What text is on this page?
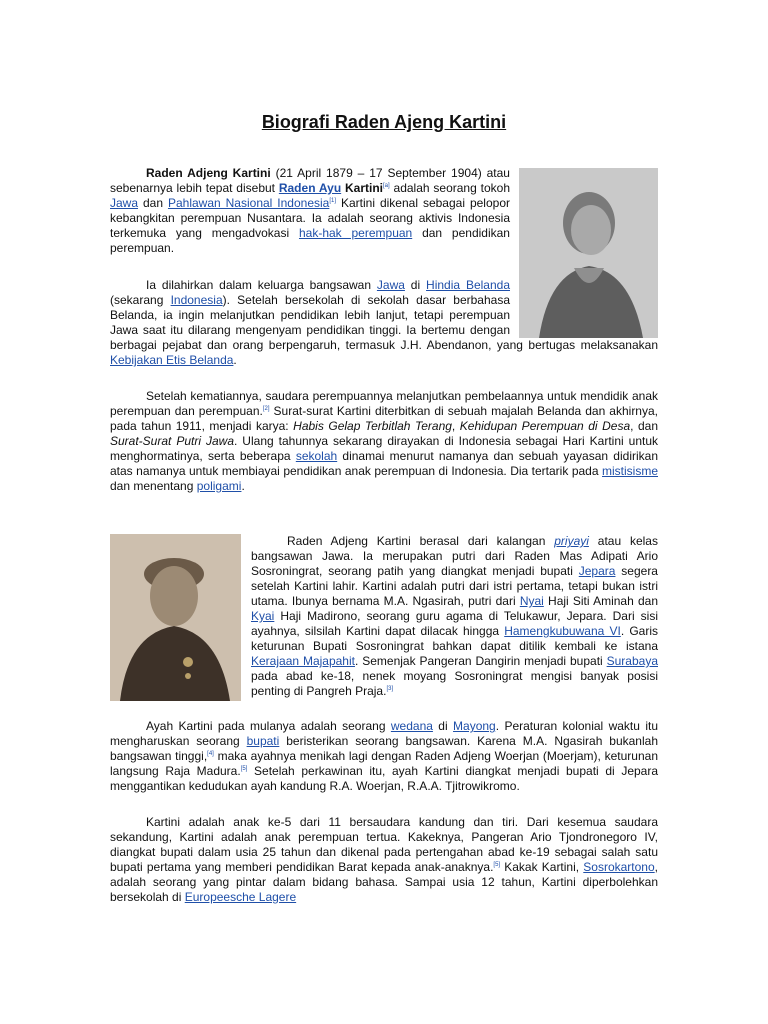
Biografi Raden Ajeng Kartini

Raden Adjeng Kartini (21 April 1879 – 17 September 1904) atau sebenarnya lebih tepat disebut Raden Ayu Kartini[a] adalah seorang tokoh Jawa dan Pahlawan Nasional Indonesia[1] Kartini dikenal sebagai pelopor kebangkitan perempuan Nusantara. Ia adalah seorang aktivis Indonesia terkemuka yang mengadvokasi hak-hak perempuan dan pendidikan perempuan.

Ia dilahirkan dalam keluarga bangsawan Jawa di Hindia Belanda (sekarang Indonesia). Setelah bersekolah di sekolah dasar berbahasa Belanda, ia ingin melanjutkan pendidikan lebih lanjut, tetapi perempuan Jawa saat itu dilarang mengenyam pendidikan tinggi. Ia bertemu dengan berbagai pejabat dan orang berpengaruh, termasuk J.H. Abendanon, yang bertugas melaksanakan Kebijakan Etis Belanda.

Setelah kematiannya, saudara perempuannya melanjutkan pembelaannya untuk mendidik anak perempuan dan perempuan.[2] Surat-surat Kartini diterbitkan di sebuah majalah Belanda dan akhirnya, pada tahun 1911, menjadi karya: Habis Gelap Terbitlah Terang, Kehidupan Perempuan di Desa, dan Surat-Surat Putri Jawa. Ulang tahunnya sekarang dirayakan di Indonesia sebagai Hari Kartini untuk menghormatinya, serta beberapa sekolah dinamai menurut namanya dan sebuah yayasan didirikan atas namanya untuk membiayai pendidikan anak perempuan di Indonesia. Dia tertarik pada mistisisme dan menentang poligami.

Raden Adjeng Kartini berasal dari kalangan priyayi atau kelas bangsawan Jawa. Ia merupakan putri dari Raden Mas Adipati Ario Sosroningrat, seorang patih yang diangkat menjadi bupati Jepara segera setelah Kartini lahir. Kartini adalah putri dari istri pertama, tetapi bukan istri utama. Ibunya bernama M.A. Ngasirah, putri dari Nyai Haji Siti Aminah dan Kyai Haji Madirono, seorang guru agama di Telukawur, Jepara. Dari sisi ayahnya, silsilah Kartini dapat dilacak hingga Hamengkubuwana VI. Garis keturunan Bupati Sosroningrat bahkan dapat ditilik kembali ke istana Kerajaan Majapahit. Semenjak Pangeran Dangirin menjadi bupati Surabaya pada abad ke-18, nenek moyang Sosroningrat mengisi banyak posisi penting di Pangreh Praja.[3]

Ayah Kartini pada mulanya adalah seorang wedana di Mayong. Peraturan kolonial waktu itu mengharuskan seorang bupati beristerikan seorang bangsawan. Karena M.A. Ngasirah bukanlah bangsawan tinggi,[4] maka ayahnya menikah lagi dengan Raden Adjeng Woerjan (Moerjam), keturunan langsung Raja Madura.[5] Setelah perkawinan itu, ayah Kartini diangkat menjadi bupati di Jepara menggantikan kedudukan ayah kandung R.A. Woerjan, R.A.A. Tjitrowikromo.

Kartini adalah anak ke-5 dari 11 bersaudara kandung dan tiri. Dari kesemua saudara sekandung, Kartini adalah anak perempuan tertua. Kakeknya, Pangeran Ario Tjondronegoro IV, diangkat bupati dalam usia 25 tahun dan dikenal pada pertengahan abad ke-19 sebagai salah satu bupati pertama yang memberi pendidikan Barat kepada anak-anaknya.[5] Kakak Kartini, Sosrokartono, adalah seorang yang pintar dalam bidang bahasa. Sampai usia 12 tahun, Kartini diperbolehkan bersekolah di Europeesche Lagere
